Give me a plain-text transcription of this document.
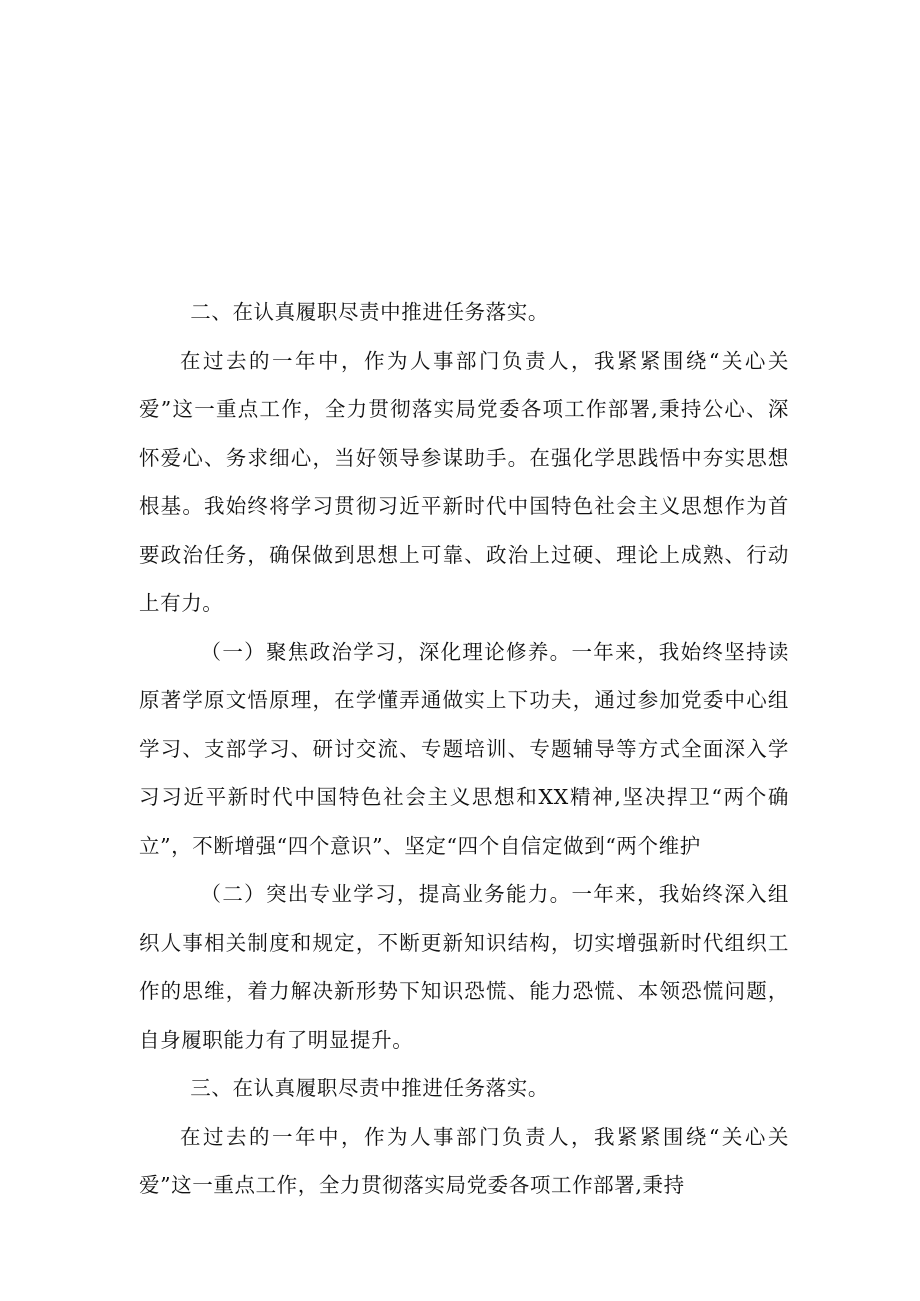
二、在认真履职尽责中推进任务落实。

在过去的一年中，作为人事部门负责人，我紧紧围绕“关心关爱”这一重点工作，全力贯彻落实局党委各项工作部署,秉持公心、深怀爱心、务求细心，当好领导参谋助手。在强化学思践悟中夯实思想根基。我始终将学习贯彻习近平新时代中国特色社会主义思想作为首要政治任务，确保做到思想上可靠、政治上过硬、理论上成熟、行动上有力。

（一）聚焦政治学习，深化理论修养。一年来，我始终坚持读原著学原文悟原理，在学懂弄通做实上下功夫，通过参加党委中心组学习、支部学习、研讨交流、专题培训、专题辅导等方式全面深入学习习近平新时代中国特色社会主义思想和XX精神,坚决捍卫“两个确立”，不断增强“四个意识”、坚定“四个自信定做到“两个维护

（二）突出专业学习，提高业务能力。一年来，我始终深入组织人事相关制度和规定，不断更新知识结构，切实增强新时代组织工作的思维，着力解决新形势下知识恐慌、能力恐慌、本领恐慌问题，自身履职能力有了明显提升。

三、在认真履职尽责中推进任务落实。

在过去的一年中，作为人事部门负责人，我紧紧围绕“关心关爱”这一重点工作，全力贯彻落实局党委各项工作部署,秉持
